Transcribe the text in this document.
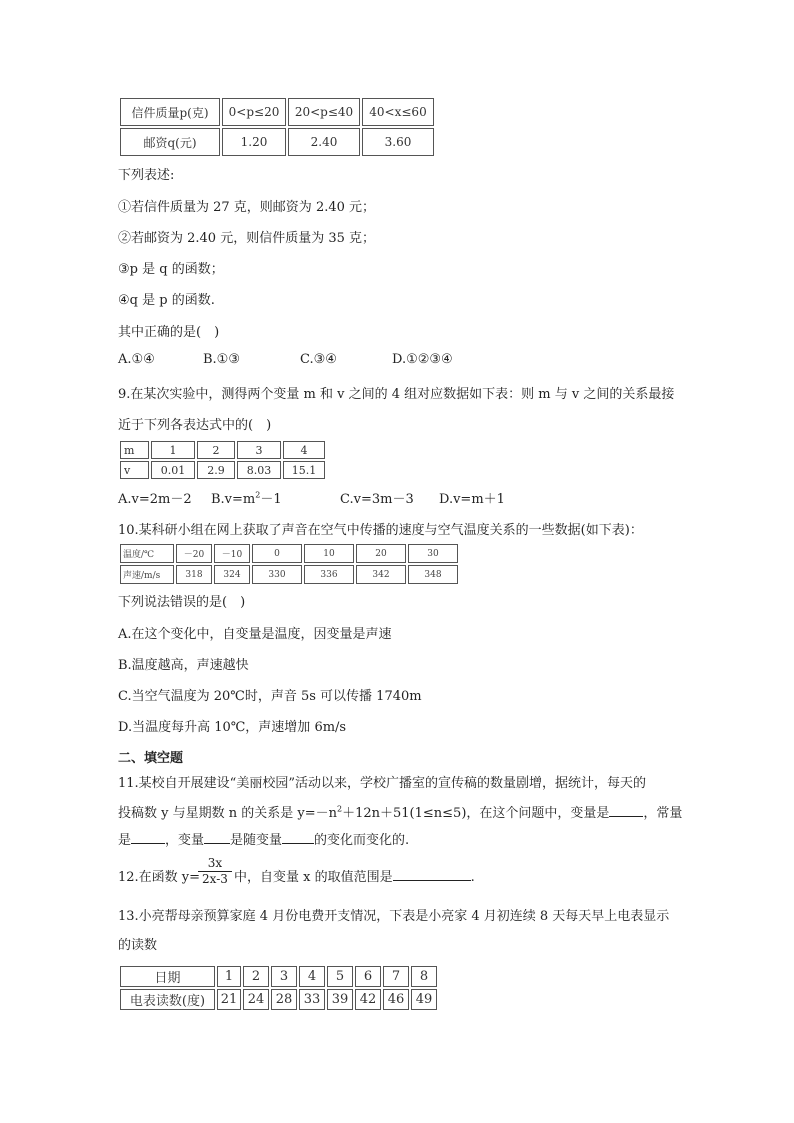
信件质量p(克)	0<p≤20	20<p≤40	40<x≤60
邮资q(元)	1.20	2.40	3.60
下列表述:
①若信件质量为 27 克，则邮资为 2.40 元；
②若邮资为 2.40 元，则信件质量为 35 克；
③p 是 q 的函数；
④q 是 p 的函数.
其中正确的是(　)
A.①④	B.①③	C.③④	D.①②③④
9.在某次实验中，测得两个变量 m 和 v 之间的 4 组对应数据如下表：则 m 与 v 之间的关系最接
近于下列各表达式中的(　)
m	1	2	3	4
v	0.01	2.9	8.03	15.1
A.v=2m－2 $B.v=m^2-1$	C.v=3m－3 D.v=m＋1
10.某科研小组在网上获取了声音在空气中传播的速度与空气温度关系的一些数据(如下表)：
温度/℃	－20	－10	0	10	20	30
声速/m/s	318	324	330	336	342	348
下列说法错误的是(　)
A.在这个变化中，自变量是温度，因变量是声速
B.温度越高，声速越快
C.当空气温度为 20℃时，声音 5s 可以传播 1740m
D.当温度每升高 10℃，声速增加 6m/s
二、填空题
11.某校自开展建设“美丽校园”活动以来，学校广播室的宣传稿的数量剧增，据统计，每天的
投稿数 y 与星期数 n 的关系是 $y=-n^2+12n+51(1\le n\le 5)$，在这个问题中，变量是	，常量
是	，变量 是随变量 的变化而变化的.
12.在函数 y=
$\frac{3x}{2x-3}$ 中，自变量 x 的取值范围是	.
13.小亮帮母亲预算家庭 4 月份电费开支情况，下表是小亮家 4 月初连续 8 天每天早上电表显示
的读数
日期	1	2	3	4	5	6	7	8
电表读数(度)	21	24	28	33	39	42	46	49
